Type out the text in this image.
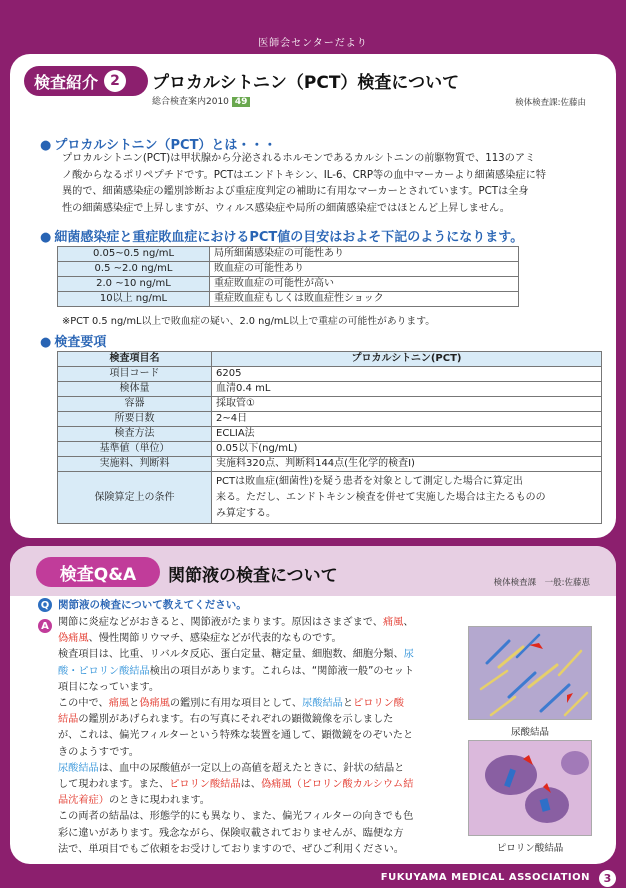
医師会センターだより
検査紹介 2	プロカルシトニン（PCT）検査について
総合検査案内2010 49	検体検査課:佐藤由
● プロカルシトニン（PCT）とは・・・
プロカルシトニン(PCT)は甲状腺から分泌されるホルモンであるカルシトニンの前駆物質で、113のアミ
ノ酸からなるポリペプチドです。PCTはエンドトキシン、IL-6、CRP等の血中マーカーより細菌感染症に特
異的で、細菌感染症の鑑別診断および重症度判定の補助に有用なマーカーとされています。PCTは全身
性の細菌感染症で上昇しますが、ウィルス感染症や局所の細菌感染症ではほとんど上昇しません。
● 細菌感染症と重症敗血症におけるPCT値の目安はおよそ下記のようになります。
0.05~0.5 ng/mL	局所細菌感染症の可能性あり
0.5 ~2.0 ng/mL	敗血症の可能性あり
2.0 ~10 ng/mL	重症敗血症の可能性が高い
10以上 ng/mL	重症敗血症もしくは敗血症性ショック
※PCT 0.5 ng/mL以上で敗血症の疑い、2.0 ng/mL以上で重症の可能性があります。
● 検査要項
検査項目名	プロカルシトニン(PCT)
項目コード	6205
検体量	血清0.4 mL
容器	採取管①
所要日数	2~4日
検査方法	ECLIA法
基準値（単位）	0.05以下(ng/mL)
実施料、判断料	実施料320点、判断料144点(生化学的検査I)
保険算定上の条件	PCTは敗血症(細菌性)を疑う患者を対象として測定した場合に算定出
来る。ただし、エンドトキシン検査を併せて実施した場合は主たるものの
み算定する。
検査Q&A	関節液の検査について	検体検査課　一般:佐藤恵
Q 関節液の検査について教えてください。
A 関節に炎症などがおきると、関節液がたまります。原因はさまざまで、痛風、
偽痛風、慢性関節リウマチ、感染症などが代表的なものです。
検査項目は、比重、リバルタ反応、蛋白定量、糖定量、細胞数、細胞分類、尿
酸・ピロリン酸結晶検出の項目があります。これらは、“関節液一般”のセット
項目になっています。
この中で、痛風と偽痛風の鑑別に有用な項目として、尿酸結晶とピロリン酸
結晶の鑑別があげられます。右の写真にそれぞれの顕微鏡像を示しました
が、これは、偏光フィルターという特殊な装置を通して、顕微鏡をのぞいたと
きのようすです。
尿酸結晶は、血中の尿酸値が一定以上の高値を超えたときに、針状の結晶と
して現われます。また、ピロリン酸結晶は、偽痛風（ピロリン酸カルシウム結
晶沈着症）のときに現われます。
この両者の結晶は、形態学的にも異なり、また、偏光フィルターの向きでも色
彩に違いがあります。残念ながら、保険収載されておりませんが、臨便な方
法で、単項目でもご依頼をお受けしておりますので、ぜひご利用ください。
尿酸結晶
ピロリン酸結晶
FUKUYAMA MEDICAL ASSOCIATION	3
